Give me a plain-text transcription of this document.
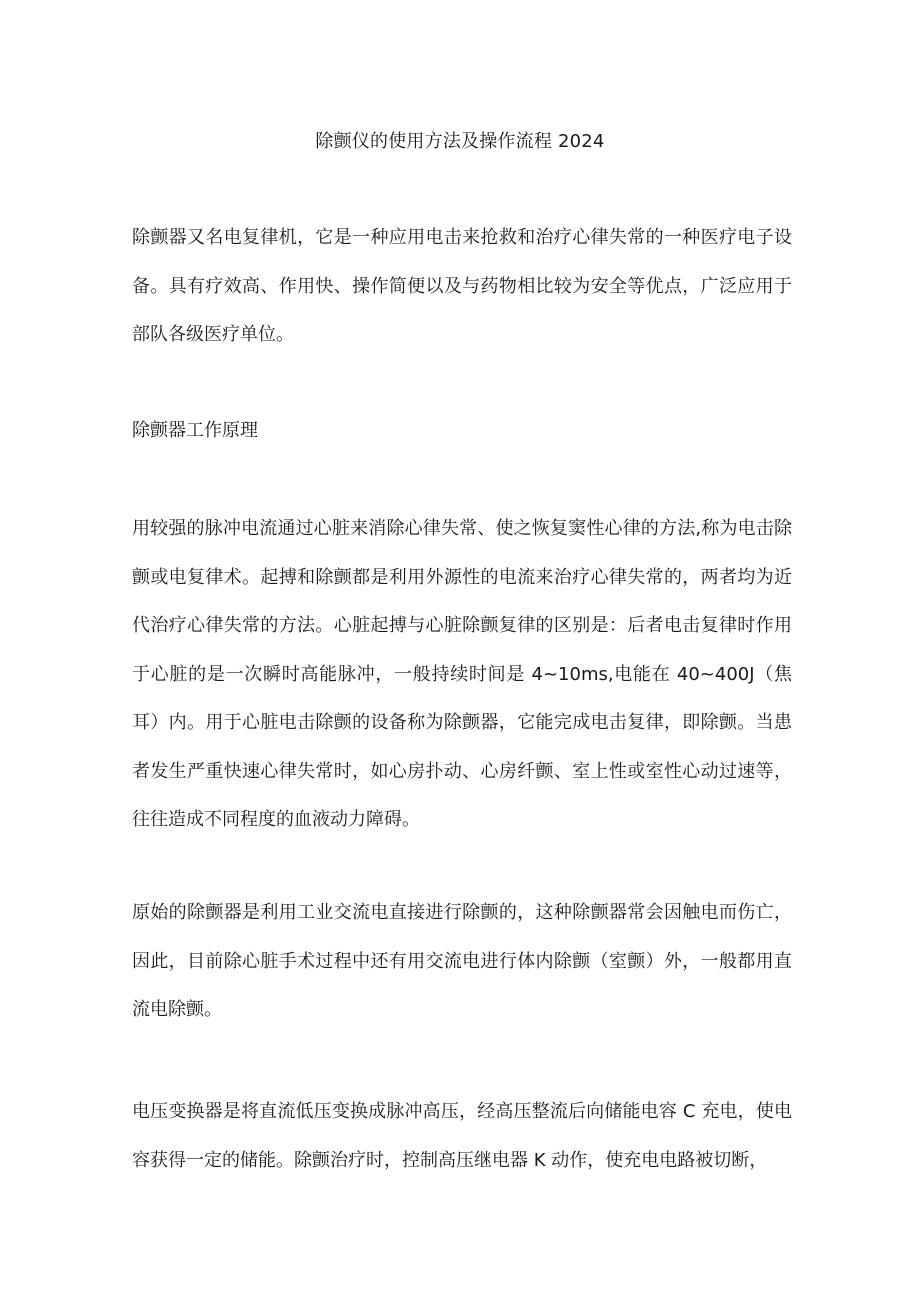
除颤仪的使用方法及操作流程 2024

除颤器又名电复律机，它是一种应用电击来抢救和治疗心律失常的一种医疗电子设备。具有疗效高、作用快、操作简便以及与药物相比较为安全等优点，广泛应用于部队各级医疗单位。

除颤器工作原理

用较强的脉冲电流通过心脏来消除心律失常、使之恢复窦性心律的方法,称为电击除颤或电复律术。起搏和除颤都是利用外源性的电流来治疗心律失常的，两者均为近代治疗心律失常的方法。心脏起搏与心脏除颤复律的区别是：后者电击复律时作用于心脏的是一次瞬时高能脉冲，一般持续时间是 4~10ms,电能在 40~400J（焦耳）内。用于心脏电击除颤的设备称为除颤器，它能完成电击复律，即除颤。当患者发生严重快速心律失常时，如心房扑动、心房纤颤、室上性或室性心动过速等，往往造成不同程度的血液动力障碍。

原始的除颤器是利用工业交流电直接进行除颤的，这种除颤器常会因触电而伤亡，因此，目前除心脏手术过程中还有用交流电进行体内除颤（室颤）外，一般都用直流电除颤。

电压变换器是将直流低压变换成脉冲高压，经高压整流后向储能电容 C 充电，使电容获得一定的储能。除颤治疗时，控制高压继电器 K 动作，使充电电路被切断，
